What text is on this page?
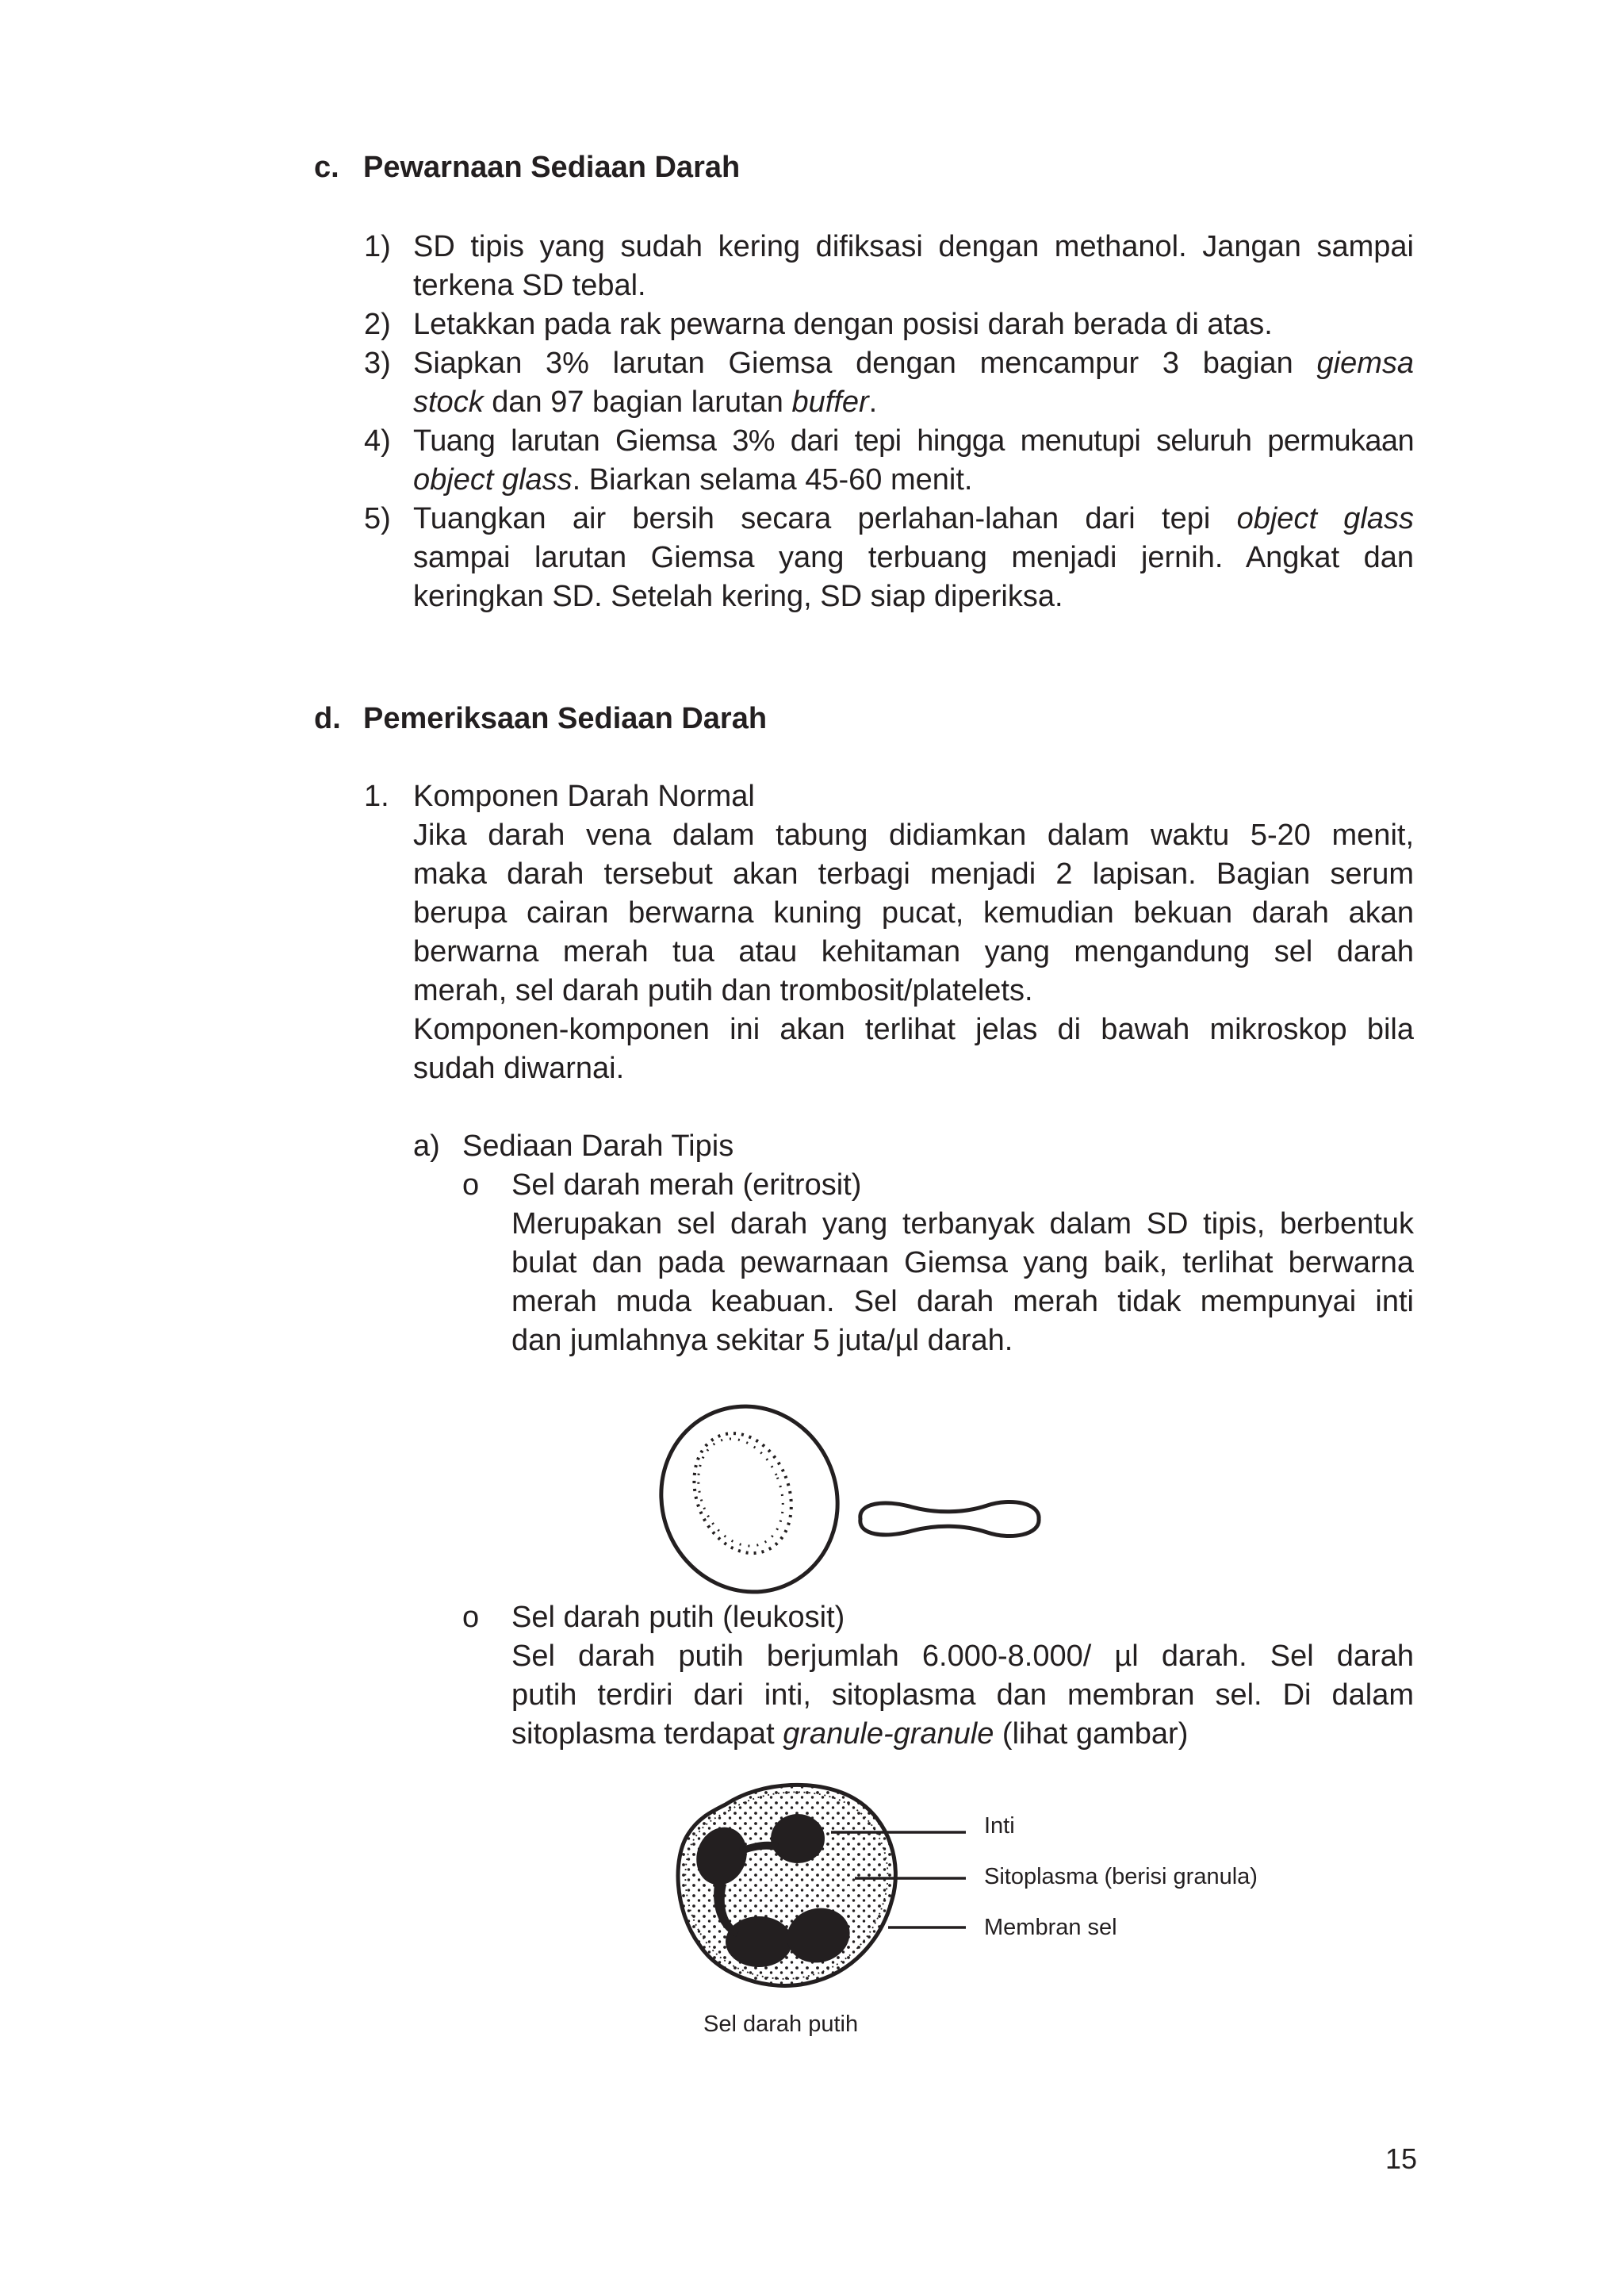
c. Pewarnaan Sediaan Darah
1) SD tipis yang sudah kering difiksasi dengan methanol. Jangan sampai
terkena SD tebal.
2) Letakkan pada rak pewarna dengan posisi darah berada di atas.
3) Siapkan 3% larutan Giemsa dengan mencampur 3 bagian giemsa
stock dan 97 bagian larutan buffer.
4) Tuang larutan Giemsa 3% dari tepi hingga menutupi seluruh permukaan
object glass. Biarkan selama 45-60 menit.
5) Tuangkan air bersih secara perlahan-lahan dari tepi object glass
sampai larutan Giemsa yang terbuang menjadi jernih. Angkat dan
keringkan SD. Setelah kering, SD siap diperiksa.
d. Pemeriksaan Sediaan Darah
1. Komponen Darah Normal
Jika darah vena dalam tabung didiamkan dalam waktu 5-20 menit,
maka darah tersebut akan terbagi menjadi 2 lapisan. Bagian serum
berupa cairan berwarna kuning pucat, kemudian bekuan darah akan
berwarna merah tua atau kehitaman yang mengandung sel darah
merah, sel darah putih dan trombosit/platelets.
Komponen-komponen ini akan terlihat jelas di bawah mikroskop bila
sudah diwarnai.
a) Sediaan Darah Tipis
o Sel darah merah (eritrosit)
Merupakan sel darah yang terbanyak dalam SD tipis, berbentuk
bulat dan pada pewarnaan Giemsa yang baik, terlihat berwarna
merah muda keabuan. Sel darah merah tidak mempunyai inti
dan jumlahnya sekitar 5 juta/µl darah.
o Sel darah putih (leukosit)
Sel darah putih berjumlah 6.000-8.000/ µl darah. Sel darah
putih terdiri dari inti, sitoplasma dan membran sel. Di dalam
sitoplasma terdapat granule-granule (lihat gambar)
Inti
Sitoplasma (berisi granula)
Membran sel
Sel darah putih
15
